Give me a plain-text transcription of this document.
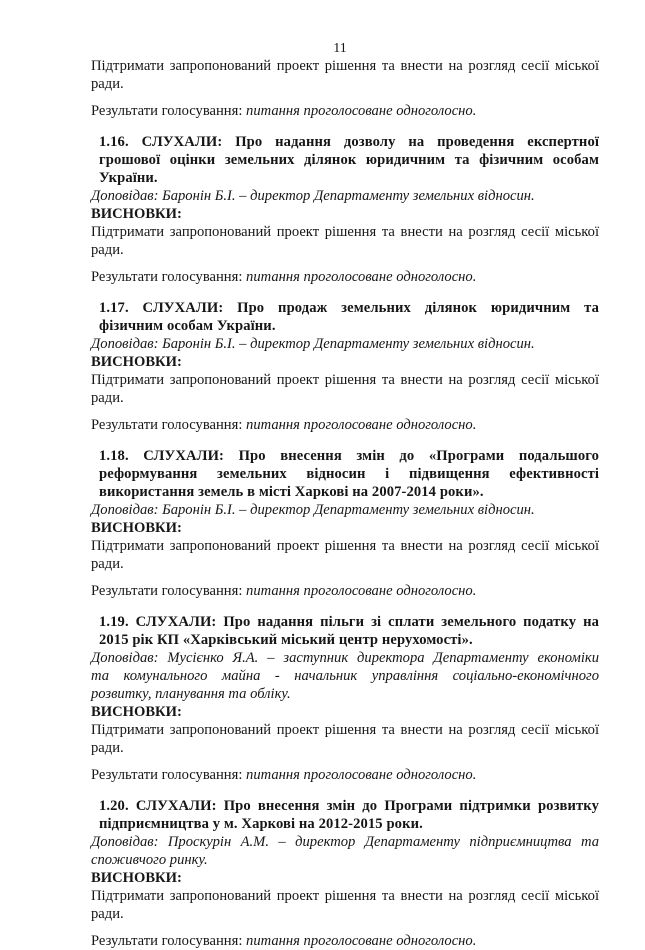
11

Підтримати запропонований проект рішення та внести на розгляд сесії міської
ради.

Результати голосування: питання проголосоване одноголосно.

1.16. СЛУХАЛИ: Про надання дозволу на проведення експертної
грошової оцінки земельних ділянок юридичним та фізичним особам
України.

Доповідав: Баронін Б.І. – директор Департаменту земельних відносин.

ВИСНОВКИ:

Підтримати запропонований проект рішення та внести на розгляд сесії міської
ради.

Результати голосування: питання проголосоване одноголосно.

1.17. СЛУХАЛИ: Про продаж земельних ділянок юридичним та
фізичним особам України.

Доповідав: Баронін Б.І. – директор Департаменту земельних відносин.

ВИСНОВКИ:

Підтримати запропонований проект рішення та внести на розгляд сесії міської
ради.

Результати голосування: питання проголосоване одноголосно.

1.18. СЛУХАЛИ: Про внесення змін до «Програми подальшого
реформування земельних відносин і підвищення ефективності
використання земель в місті Харкові на 2007-2014 роки».

Доповідав: Баронін Б.І. – директор Департаменту земельних відносин.

ВИСНОВКИ:

Підтримати запропонований проект рішення та внести на розгляд сесії міської
ради.

Результати голосування: питання проголосоване одноголосно.

1.19. СЛУХАЛИ: Про надання пільги зі сплати земельного податку на
2015 рік КП «Харківський міський центр нерухомості».

Доповідав: Мусієнко Я.А. – заступник директора Департаменту економіки
та комунального майна - начальник управління соціально-економічного
розвитку, планування та обліку.

ВИСНОВКИ:

Підтримати запропонований проект рішення та внести на розгляд сесії міської
ради.

Результати голосування: питання проголосоване одноголосно.

1.20. СЛУХАЛИ: Про внесення змін до Програми підтримки розвитку
підприємництва у м. Харкові на 2012-2015 роки.

Доповідав: Проскурін А.М. – директор Департаменту підприємництва та
споживчого ринку.

ВИСНОВКИ:

Підтримати запропонований проект рішення та внести на розгляд сесії міської
ради.

Результати голосування: питання проголосоване одноголосно.
